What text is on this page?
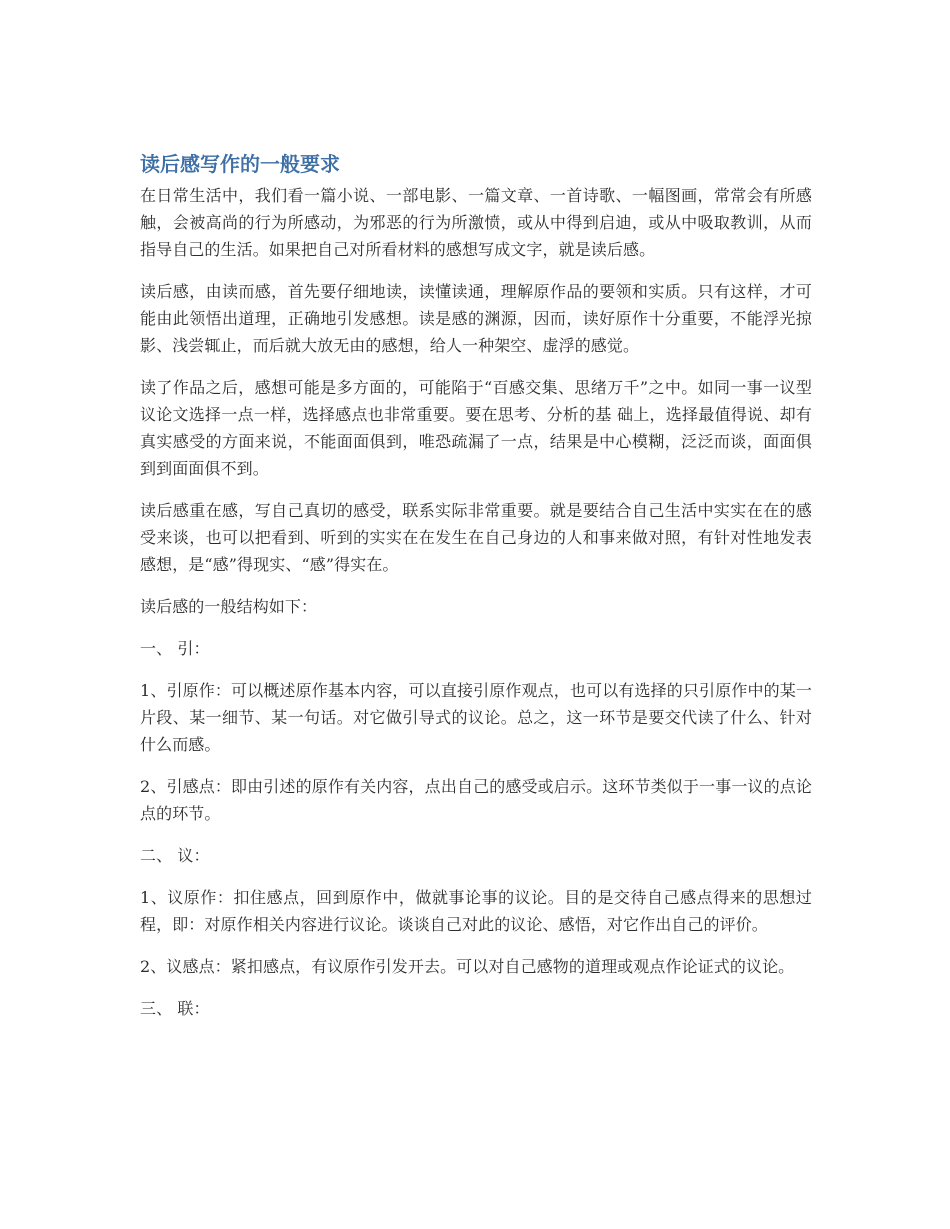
读后感写作的一般要求

在日常生活中，我们看一篇小说、一部电影、一篇文章、一首诗歌、一幅图画，常常会有所感触，会被高尚的行为所感动，为邪恶的行为所激愤，或从中得到启迪，或从中吸取教训，从而指导自己的生活。如果把自己对所看材料的感想写成文字，就是读后感。

读后感，由读而感，首先要仔细地读，读懂读通，理解原作品的要领和实质。只有这样，才可能由此领悟出道理，正确地引发感想。读是感的渊源，因而，读好原作十分重要，不能浮光掠影、浅尝辄止，而后就大放无由的感想，给人一种架空、虚浮的感觉。

读了作品之后，感想可能是多方面的，可能陷于“百感交集、思绪万千”之中。如同一事一议型议论文选择一点一样，选择感点也非常重要。要在思考、分析的基 础上，选择最值得说、却有真实感受的方面来说，不能面面俱到，唯恐疏漏了一点，结果是中心模糊，泛泛而谈，面面俱到到面面俱不到。

读后感重在感，写自己真切的感受，联系实际非常重要。就是要结合自己生活中实实在在的感受来谈，也可以把看到、听到的实实在在发生在自己身边的人和事来做对照，有针对性地发表感想，是“感”得现实、“感”得实在。

读后感的一般结构如下：

一、 引：

1、引原作：可以概述原作基本内容，可以直接引原作观点，也可以有选择的只引原作中的某一片段、某一细节、某一句话。对它做引导式的议论。总之，这一环节是要交代读了什么、针对什么而感。

2、引感点：即由引述的原作有关内容，点出自己的感受或启示。这环节类似于一事一议的点论点的环节。

二、 议：

1、议原作：扣住感点，回到原作中，做就事论事的议论。目的是交待自己感点得来的思想过程，即：对原作相关内容进行议论。谈谈自己对此的议论、感悟，对它作出自己的评价。

2、议感点：紧扣感点，有议原作引发开去。可以对自己感物的道理或观点作论证式的议论。

三、 联：
